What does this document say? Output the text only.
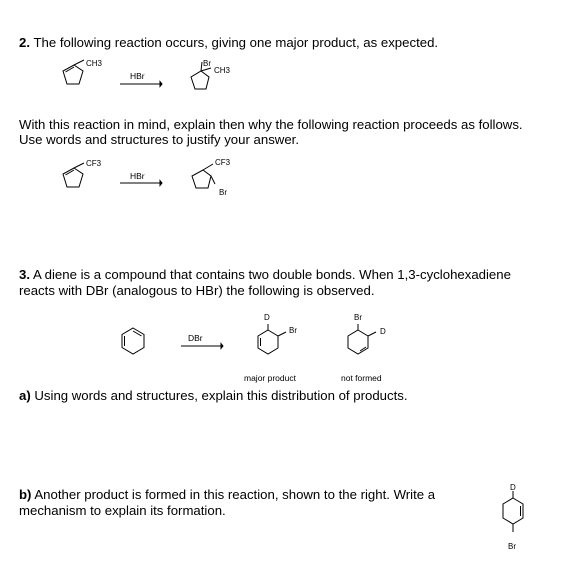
2. The following reaction occurs, giving one major product, as expected.
CH3
HBr
Br
CH3
With this reaction in mind, explain then why the following reaction proceeds as follows.
Use words and structures to justify your answer.
CF3
HBr
CF3
Br
3. A diene is a compound that contains two double bonds. When 1,3-cyclohexadiene
reacts with DBr (analogous to HBr) the following is observed.
DBr
D
Br
Br
D
major product	not formed
a) Using words and structures, explain this distribution of products.
b) Another product is formed in this reaction, shown to the right. Write a
mechanism to explain its formation.
D
Br
